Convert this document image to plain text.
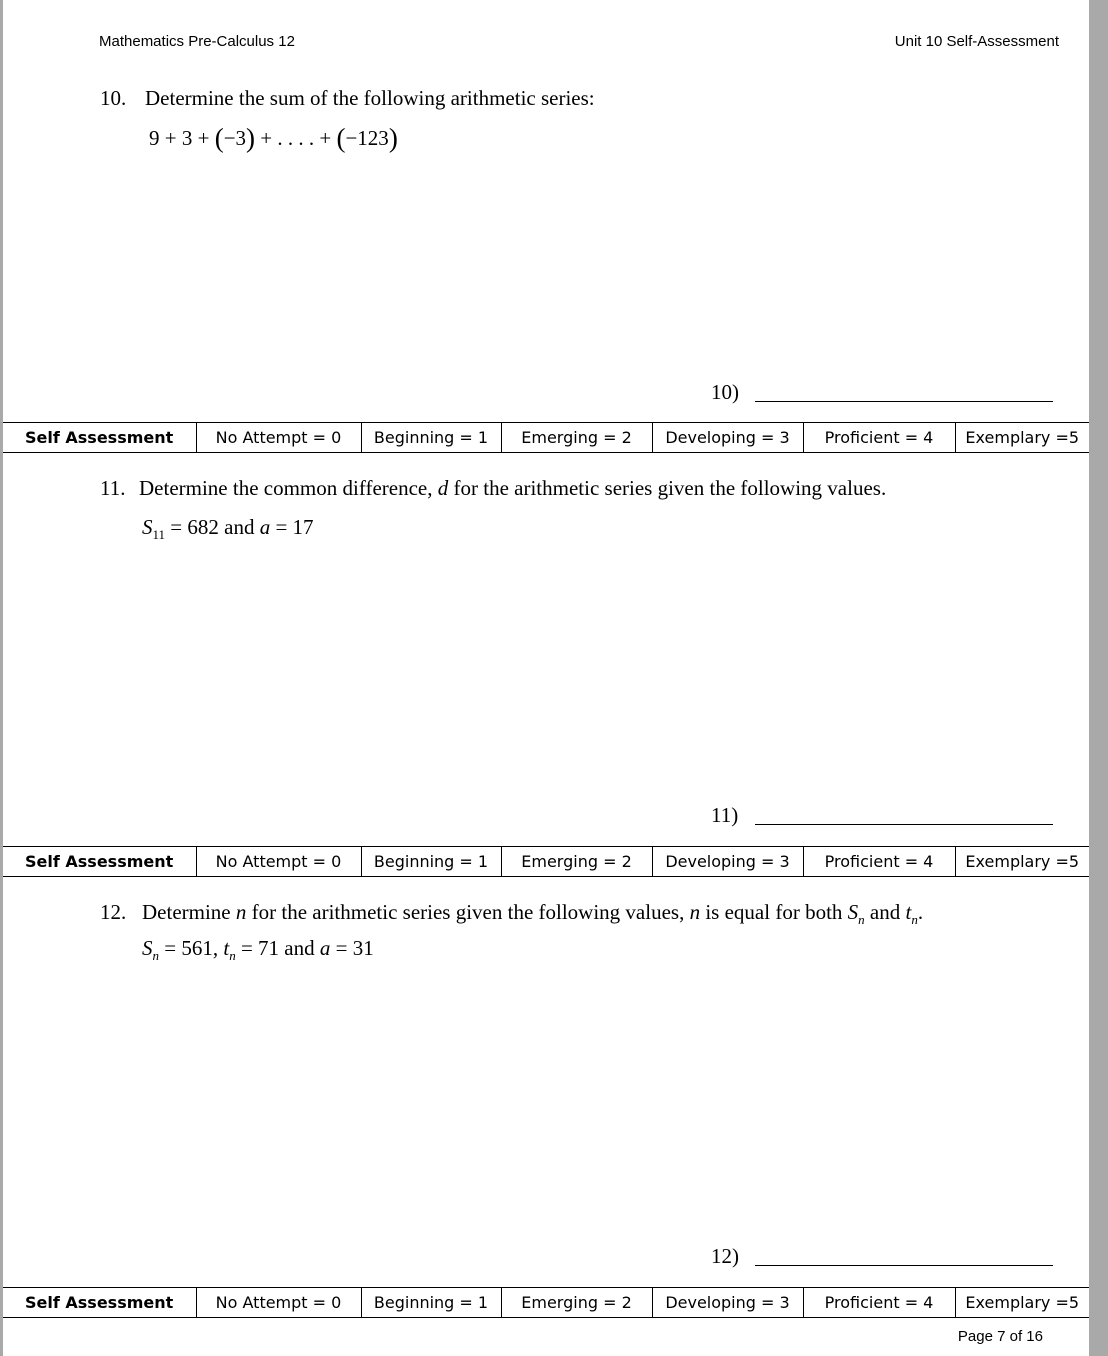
Mathematics Pre-Calculus 12	Unit 10 Self-Assessment
10. Determine the sum of the following arithmetic series:
9 + 3 + (−3) + . . . . + (−123)
10)
Self Assessment	No Attempt = 0	Beginning = 1	Emerging = 2	Developing = 3	Proficient = 4	Exemplary =5
11. Determine the common difference, d for the arithmetic series given the following values.
$S_{11} = 682$ and a = 17
11)
Self Assessment	No Attempt = 0	Beginning = 1	Emerging = 2	Developing = 3	Proficient = 4	Exemplary =5
12. Determine n for the arithmetic series given the following values, n is equal for both $S_n$ and $t_n$.
$S_n = 561$, $t_n = 71$ and a = 31
12)
Self Assessment	No Attempt = 0	Beginning = 1	Emerging = 2	Developing = 3	Proficient = 4	Exemplary =5
Page 7 of 16
